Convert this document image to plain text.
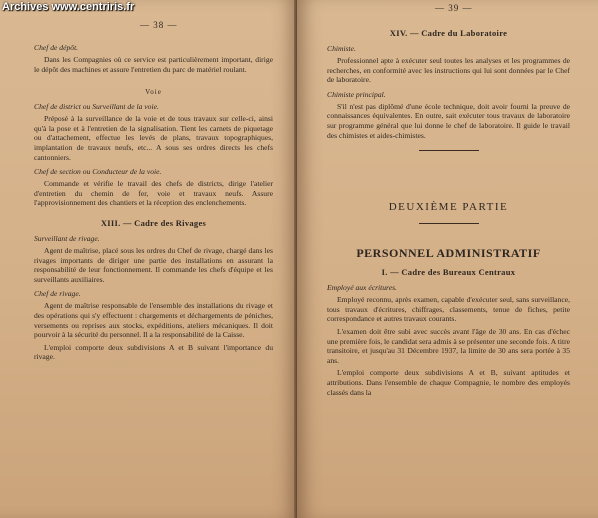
Archives www.centriris.fr
— 38 —
Chef de dépôt.

Dans les Compagnies où ce service est particulièrement important, dirige le dépôt des machines et assure l'entretien du parc de matériel roulant.

Voie
Chef de district ou Surveillant de la voie.

Préposé à la surveillance de la voie et de tous travaux sur celle-ci, ainsi qu'à la pose et à l'entretien de la signalisation. Tient les carnets de piquetage ou d'attachement, effectue les levés de plans, travaux topographiques, implantation de travaux neufs, etc... A sous ses ordres directs les chefs cantonniers.

Chef de section ou Conducteur de la voie.

Commande et vérifie le travail des chefs de districts, dirige l'atelier d'entretien du chemin de fer, voie et travaux neufs. Assure l'approvisionnement des chantiers et la réception des enclenchements.

XIII. — Cadre des Rivages
Surveillant de rivage.

Agent de maîtrise, placé sous les ordres du Chef de rivage, chargé dans les rivages importants de diriger une partie des installations en assurant la responsabilité de leur fonctionnement. Il commande les chefs d'équipe et les surveillants auxiliaires.

Chef de rivage.

Agent de maîtrise responsable de l'ensemble des installations du rivage et des opérations qui s'y effectuent : chargements et déchargements de péniches, versements ou reprises aux stocks, expéditions, ateliers mécaniques. Il doit pourvoir à la sécurité du personnel. Il a la responsabilité de la Caisse.

L'emploi comporte deux subdivisions A et B suivant l'importance du rivage.

— 39 —
XIV. — Cadre du Laboratoire
Chimiste.

Professionnel apte à exécuter seul toutes les analyses et les programmes de recherches, en conformité avec les instructions qui lui sont données par le Chef de laboratoire.

Chimiste principal.

S'il n'est pas diplômé d'une école technique, doit avoir fourni la preuve de connaissances équivalentes. En outre, sait exécuter tous travaux de laboratoire sur programme général que lui donne le chef de laboratoire. Il guide le travail des chimistes et aides-chimistes.

DEUXIÈME PARTIE
PERSONNEL ADMINISTRATIF
I. — Cadre des Bureaux Centraux
Employé aux écritures.

Employé reconnu, après examen, capable d'exécuter seul, sans surveillance, tous travaux d'écritures, chiffrages, classements, tenue de fiches, petite correspondance et autres travaux courants.

L'examen doit être subi avec succès avant l'âge de 30 ans. En cas d'échec une première fois, le candidat sera admis à se présenter une seconde fois. A titre transitoire, et jusqu'au 31 Décembre 1937, la limite de 30 ans sera portée à 35 ans.

L'emploi comporte deux subdivisions A et B, suivant aptitudes et attributions. Dans l'ensemble de chaque Compagnie, le nombre des employés classés dans la
